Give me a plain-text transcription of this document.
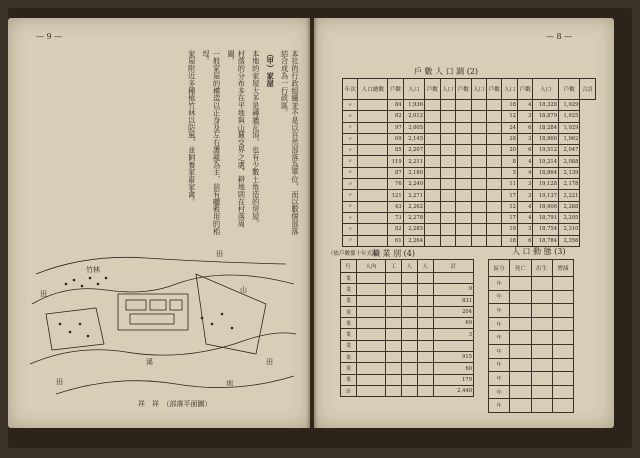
— 9 —	— 8 —

本社的行政組織並不是以自然部落為單位，而以數個部落結合成為一行政區。

（甲）家屋

本地的家屋大多是磚牆瓦頂，也有少數土角造的房屋。

村落的分布多在平地與山麓交界之處，耕地則在村落周圍。

一般家屋的構造以正身及左右護龍為主，前有曬穀用的稻埕。

家屋附近多種植竹林以防風，並飼養家畜家禽。

田
田
田
田
竹林
山
溪
圳
祥　祥　（部落平面圖）
戶 數 人 口 調 (2)
年次	人口總數	戶數	人口	戶數	人口	戶數	人口	戶數	人口	戶數	人口	戶數	合計
〃		84	1,936						18	4	18,328	1,929	
〃		82	2,012						12	3	18,879	1,925	
〃		97	2,005						24	6	18,284	1,929	
〃		69	2,145						28	3	18,866	1,962	
〃		85	2,207						20	6	19,512	2,047	
〃		119	2,211						8	4	19,214	2,088	
〃		87	2,180						5	4	18,864	2,139	
〃		76	2,240						11	3	19,128	2,178	
〃		121	2,271						17	3	19,137	2,221	
〃		43	2,262						12	4	18,906	2,288	
〃		73	2,278						17	4	18,791	2,295	
〃		82	2,285						19	3	18,754	2,310	
〃		61	2,264						18	6	18,784	2,356	
職 業 別 (4)
（依戶數係十年式末）
行	人內	工	人	人	計
業					
業					9
業					831
業					204
業					69
業					3
業					
業					915
業					60
業					179
計					2,440
人 口 動 態 (3)
區分	死亡	出生	增減
年			
年			
年			
年			
年			
年			
年			
年			
年			
年			
